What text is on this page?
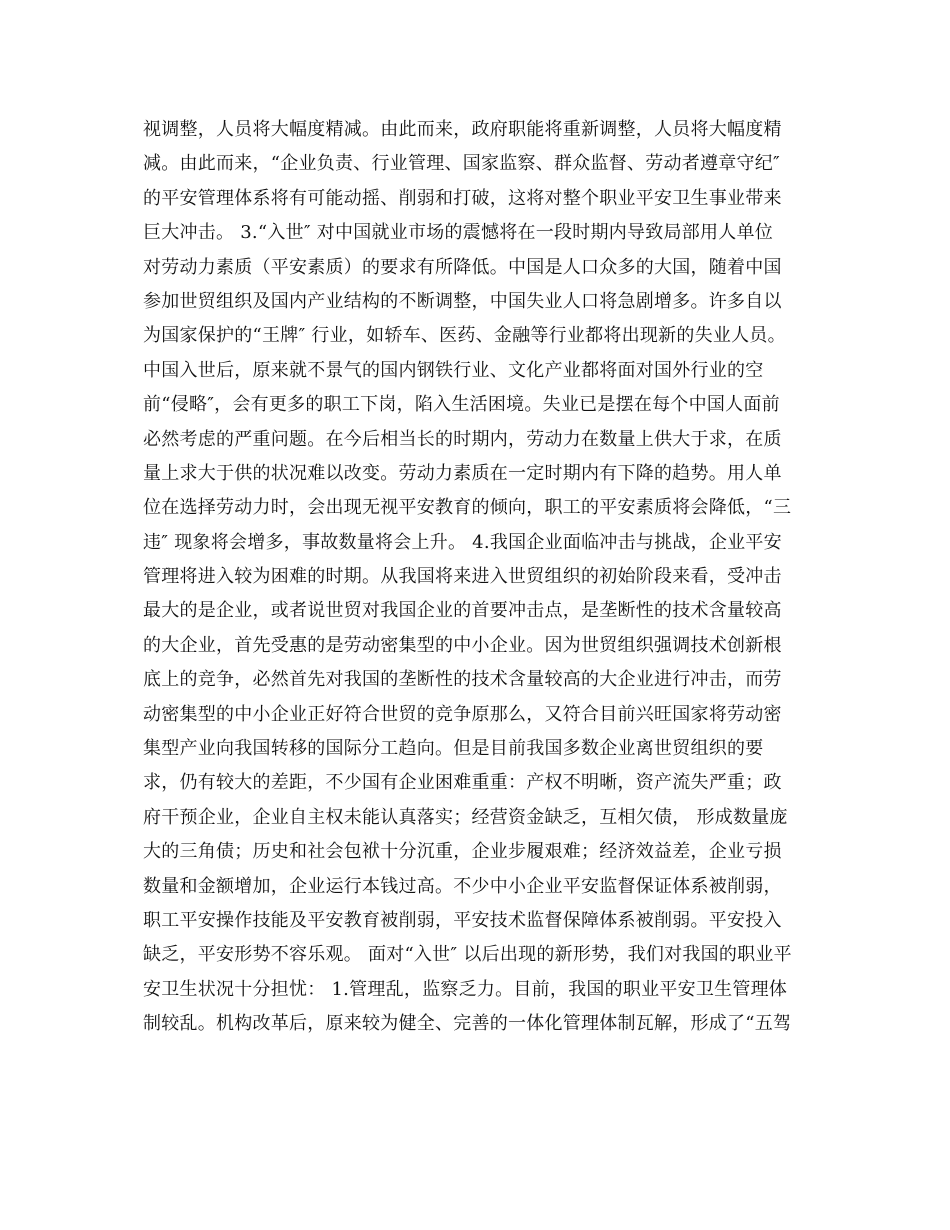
视调整，人员将大幅度精减。由此而来，政府职能将重新调整，人员将大幅度精
减。由此而来，“企业负责、行业管理、国家监察、群众监督、劳动者遵章守纪″
的平安管理体系将有可能动摇、削弱和打破，这将对整个职业平安卫生事业带来
巨大冲击。 3.“入世″ 对中国就业市场的震憾将在一段时期内导致局部用人单位
对劳动力素质（平安素质）的要求有所降低。中国是人口众多的大国，随着中国
参加世贸组织及国内产业结构的不断调整，中国失业人口将急剧增多。许多自以
为国家保护的“王牌″ 行业，如轿车、医药、金融等行业都将出现新的失业人员。
中国入世后，原来就不景气的国内钢铁行业、文化产业都将面对国外行业的空
前“侵略″，会有更多的职工下岗，陷入生活困境。失业已是摆在每个中国人面前
必然考虑的严重问题。在今后相当长的时期内，劳动力在数量上供大于求，在质
量上求大于供的状况难以改变。劳动力素质在一定时期内有下降的趋势。用人单
位在选择劳动力时，会出现无视平安教育的倾向，职工的平安素质将会降低，“三
违″ 现象将会增多，事故数量将会上升。 4.我国企业面临冲击与挑战，企业平安
管理将进入较为困难的时期。从我国将来进入世贸组织的初始阶段来看，受冲击
最大的是企业，或者说世贸对我国企业的首要冲击点，是垄断性的技术含量较高
的大企业，首先受惠的是劳动密集型的中小企业。因为世贸组织强调技术创新根
底上的竞争，必然首先对我国的垄断性的技术含量较高的大企业进行冲击，而劳
动密集型的中小企业正好符合世贸的竞争原那么，又符合目前兴旺国家将劳动密
集型产业向我国转移的国际分工趋向。但是目前我国多数企业离世贸组织的要
求，仍有较大的差距，不少国有企业困难重重：产权不明晰，资产流失严重；政
府干预企业，企业自主权未能认真落实；经营资金缺乏，互相欠债， 形成数量庞
大的三角债；历史和社会包袱十分沉重，企业步履艰难；经济效益差，企业亏损
数量和金额增加，企业运行本钱过高。不少中小企业平安监督保证体系被削弱，
职工平安操作技能及平安教育被削弱，平安技术监督保障体系被削弱。平安投入
缺乏，平安形势不容乐观。 面对“入世″ 以后出现的新形势，我们对我国的职业平
安卫生状况十分担忧： 1.管理乱，监察乏力。目前，我国的职业平安卫生管理体
制较乱。机构改革后，原来较为健全、完善的一体化管理体制瓦解，形成了“五驾
